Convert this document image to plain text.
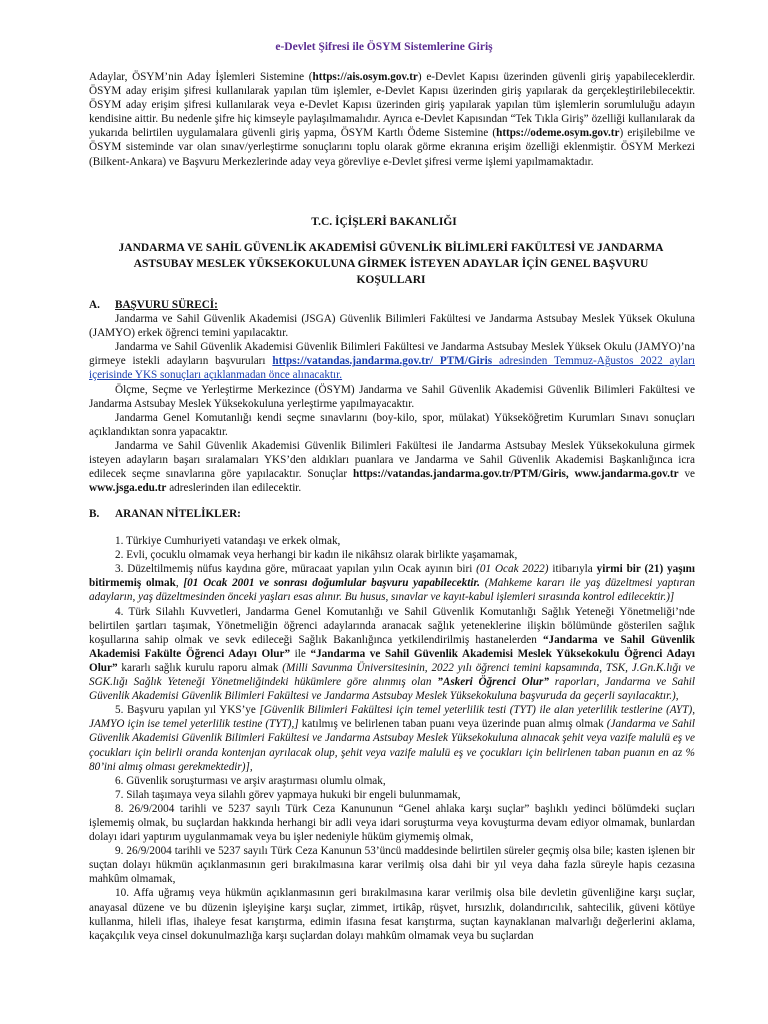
e-Devlet Şifresi ile ÖSYM Sistemlerine Giriş
Adaylar, ÖSYM’nin Aday İşlemleri Sistemine (https://ais.osym.gov.tr) e-Devlet Kapısı üzerinden güvenli giriş yapabileceklerdir. ÖSYM aday erişim şifresi kullanılarak yapılan tüm işlemler, e-Devlet Kapısı üzerinden giriş yapılarak da gerçekleştirilebilecektir. ÖSYM aday erişim şifresi kullanılarak veya e-Devlet Kapısı üzerinden giriş yapılarak yapılan tüm işlemlerin sorumluluğu adayın kendisine aittir. Bu nedenle şifre hiç kimseyle paylaşılmamalıdır. Ayrıca e-Devlet Kapısından “Tek Tıkla Giriş” özelliği kullanılarak da yukarıda belirtilen uygulamalara güvenli giriş yapma, ÖSYM Kartlı Ödeme Sistemine (https://odeme.osym.gov.tr) erişilebilme ve ÖSYM sisteminde var olan sınav/yerleştirme sonuçlarını toplu olarak görme ekranına erişim özelliği eklenmiştir. ÖSYM Merkezi (Bilkent-Ankara) ve Başvuru Merkezlerinde aday veya görevliye e-Devlet şifresi verme işlemi yapılmamaktadır.
T.C. İÇİŞLERİ BAKANLIĞI
JANDARMA VE SAHİL GÜVENLİK AKADEMİSİ GÜVENLİK BİLİMLERİ FAKÜLTESİ VE JANDARMA ASTSUBAY MESLEK YÜKSEKOKULUNA GİRMEK İSTEYEN ADAYLAR İÇİN GENEL BAŞVURU KOŞULLARI
A. BAŞVURU SÜRECİ:

Jandarma ve Sahil Güvenlik Akademisi (JSGA) Güvenlik Bilimleri Fakültesi ve Jandarma Astsubay Meslek Yüksek Okuluna (JAMYO) erkek öğrenci temini yapılacaktır.

Jandarma ve Sahil Güvenlik Akademisi Güvenlik Bilimleri Fakültesi ve Jandarma Astsubay Meslek Yüksek Okulu (JAMYO)’na girmeye istekli adayların başvuruları https://vatandas.jandarma.gov.tr/ PTM/Giris adresinden Temmuz-Ağustos 2022 ayları içerisinde YKS sonuçları açıklanmadan önce alınacaktır.

Ölçme, Seçme ve Yerleştirme Merkezince (ÖSYM) Jandarma ve Sahil Güvenlik Akademisi Güvenlik Bilimleri Fakültesi ve Jandarma Astsubay Meslek Yüksekokuluna yerleştirme yapılmayacaktır.

Jandarma Genel Komutanlığı kendi seçme sınavlarını (boy-kilo, spor, mülakat) Yükseköğretim Kurumları Sınavı sonuçları açıklandıktan sonra yapacaktır.

Jandarma ve Sahil Güvenlik Akademisi Güvenlik Bilimleri Fakültesi ile Jandarma Astsubay Meslek Yüksekokuluna girmek isteyen adayların başarı sıralamaları YKS’den aldıkları puanlara ve Jandarma ve Sahil Güvenlik Akademisi Başkanlığınca icra edilecek seçme sınavlarına göre yapılacaktır. Sonuçlar https://vatandas.jandarma.gov.tr/PTM/Giris, www.jandarma.gov.tr ve www.jsga.edu.tr adreslerinden ilan edilecektir.

B. ARANAN NİTELİKLER:

1. Türkiye Cumhuriyeti vatandaşı ve erkek olmak,

2. Evli, çocuklu olmamak veya herhangi bir kadın ile nikâhsız olarak birlikte yaşamamak,

3. Düzeltilmemiş nüfus kaydına göre, müracaat yapılan yılın Ocak ayının biri (01 Ocak 2022) itibarıyla yirmi bir (21) yaşını bitirmemiş olmak, [01 Ocak 2001 ve sonrası doğumlular başvuru yapabilecektir. (Mahkeme kararı ile yaş düzeltmesi yaptıran adayların, yaş düzeltmesinden önceki yaşları esas alınır. Bu husus, sınavlar ve kayıt-kabul işlemleri sırasında kontrol edilecektir.)]

4. Türk Silahlı Kuvvetleri, Jandarma Genel Komutanlığı ve Sahil Güvenlik Komutanlığı Sağlık Yeteneği Yönetmeliği’nde belirtilen şartları taşımak, Yönetmeliğin öğrenci adaylarında aranacak sağlık yeteneklerine ilişkin bölümünde gösterilen sağlık koşullarına sahip olmak ve sevk edileceği Sağlık Bakanlığınca yetkilendirilmiş hastanelerden “Jandarma ve Sahil Güvenlik Akademisi Fakülte Öğrenci Adayı Olur” ile “Jandarma ve Sahil Güvenlik Akademisi Meslek Yüksekokulu Öğrenci Adayı Olur” kararlı sağlık kurulu raporu almak (Milli Savunma Üniversitesinin, 2022 yılı öğrenci temini kapsamında, TSK, J.Gn.K.lığı ve SGK.lığı Sağlık Yeteneği Yönetmeliğindeki hükümlere göre alınmış olan ”Askeri Öğrenci Olur” raporları, Jandarma ve Sahil Güvenlik Akademisi Güvenlik Bilimleri Fakültesi ve Jandarma Astsubay Meslek Yüksekokuluna başvuruda da geçerli sayılacaktır.),

5. Başvuru yapılan yıl YKS’ye [Güvenlik Bilimleri Fakültesi için temel yeterlilik testi (TYT) ile alan yeterlilik testlerine (AYT), JAMYO için ise temel yeterlilik testine (TYT),] katılmış ve belirlenen taban puanı veya üzerinde puan almış olmak (Jandarma ve Sahil Güvenlik Akademisi Güvenlik Bilimleri Fakültesi ve Jandarma Astsubay Meslek Yüksekokuluna alınacak şehit veya vazife malulü eş ve çocukları için belirli oranda kontenjan ayrılacak olup, şehit veya vazife malulü eş ve çocukları için belirlenen taban puanın en az % 80’ini almış olması gerekmektedir)],

6. Güvenlik soruşturması ve arşiv araştırması olumlu olmak,

7. Silah taşımaya veya silahlı görev yapmaya hukuki bir engeli bulunmamak,

8. 26/9/2004 tarihli ve 5237 sayılı Türk Ceza Kanununun “Genel ahlaka karşı suçlar” başlıklı yedinci bölümdeki suçları işlememiş olmak, bu suçlardan hakkında herhangi bir adli veya idari soruşturma veya kovuşturma devam ediyor olmamak, bunlardan dolayı idari yaptırım uygulanmamak veya bu işler nedeniyle hüküm giymemiş olmak,

9. 26/9/2004 tarihli ve 5237 sayılı Türk Ceza Kanunun 53’üncü maddesinde belirtilen süreler geçmiş olsa bile; kasten işlenen bir suçtan dolayı hükmün açıklanmasının geri bırakılmasına karar verilmiş olsa dahi bir yıl veya daha fazla süreyle hapis cezasına mahkûm olmamak,

10. Affa uğramış veya hükmün açıklanmasının geri bırakılmasına karar verilmiş olsa bile devletin güvenliğine karşı suçlar, anayasal düzene ve bu düzenin işleyişine karşı suçlar, zimmet, irtikâp, rüşvet, hırsızlık, dolandırıcılık, sahtecilik, güveni kötüye kullanma, hileli iflas, ihaleye fesat karıştırma, edimin ifasına fesat karıştırma, suçtan kaynaklanan malvarlığı değerlerini aklama, kaçakçılık veya cinsel dokunulmazlığa karşı suçlardan dolayı mahkûm olmamak veya bu suçlardan
